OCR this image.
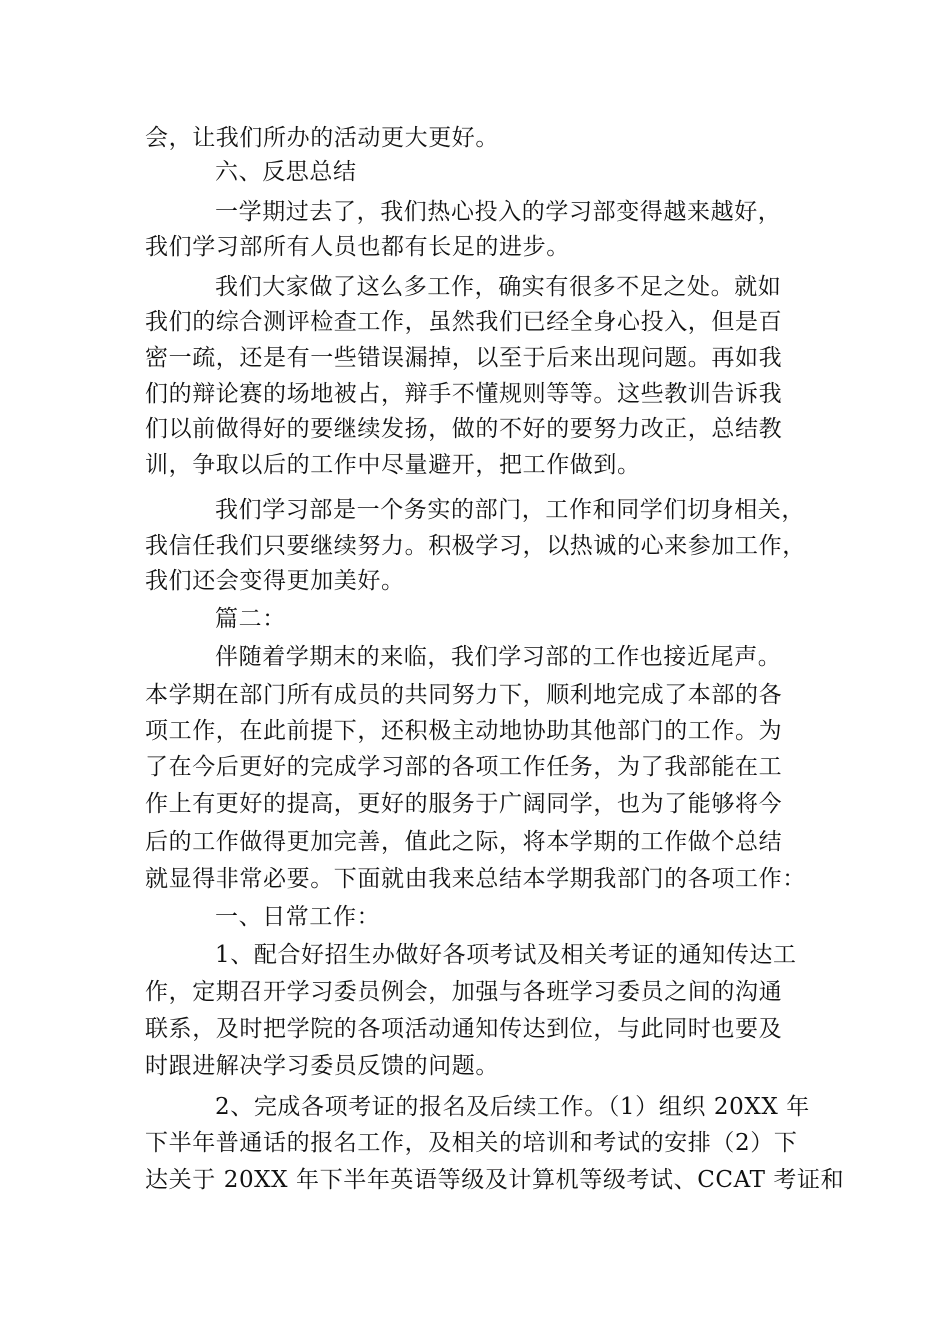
会，让我们所办的活动更大更好。

六、反思总结

一学期过去了，我们热心投入的学习部变得越来越好，

我们学习部所有人员也都有长足的进步。

我们大家做了这么多工作，确实有很多不足之处。就如

我们的综合测评检查工作，虽然我们已经全身心投入，但是百

密一疏，还是有一些错误漏掉，以至于后来出现问题。再如我

们的辩论赛的场地被占，辩手不懂规则等等。这些教训告诉我

们以前做得好的要继续发扬，做的不好的要努力改正，总结教

训，争取以后的工作中尽量避开，把工作做到。

我们学习部是一个务实的部门，工作和同学们切身相关，

我信任我们只要继续努力。积极学习，以热诚的心来参加工作，

我们还会变得更加美好。

篇二：

伴随着学期末的来临，我们学习部的工作也接近尾声。

本学期在部门所有成员的共同努力下，顺利地完成了本部的各

项工作，在此前提下，还积极主动地协助其他部门的工作。为

了在今后更好的完成学习部的各项工作任务，为了我部能在工

作上有更好的提高，更好的服务于广阔同学，也为了能够将今

后的工作做得更加完善，值此之际，将本学期的工作做个总结

就显得非常必要。下面就由我来总结本学期我部门的各项工作：

一、日常工作：

1、配合好招生办做好各项考试及相关考证的通知传达工

作，定期召开学习委员例会，加强与各班学习委员之间的沟通

联系，及时把学院的各项活动通知传达到位，与此同时也要及

时跟进解决学习委员反馈的问题。

2、完成各项考证的报名及后续工作。（1）组织 20XX 年

下半年普通话的报名工作，及相关的培训和考试的安排（2）下

达关于 20XX 年下半年英语等级及计算机等级考试、CCAT 考证和
